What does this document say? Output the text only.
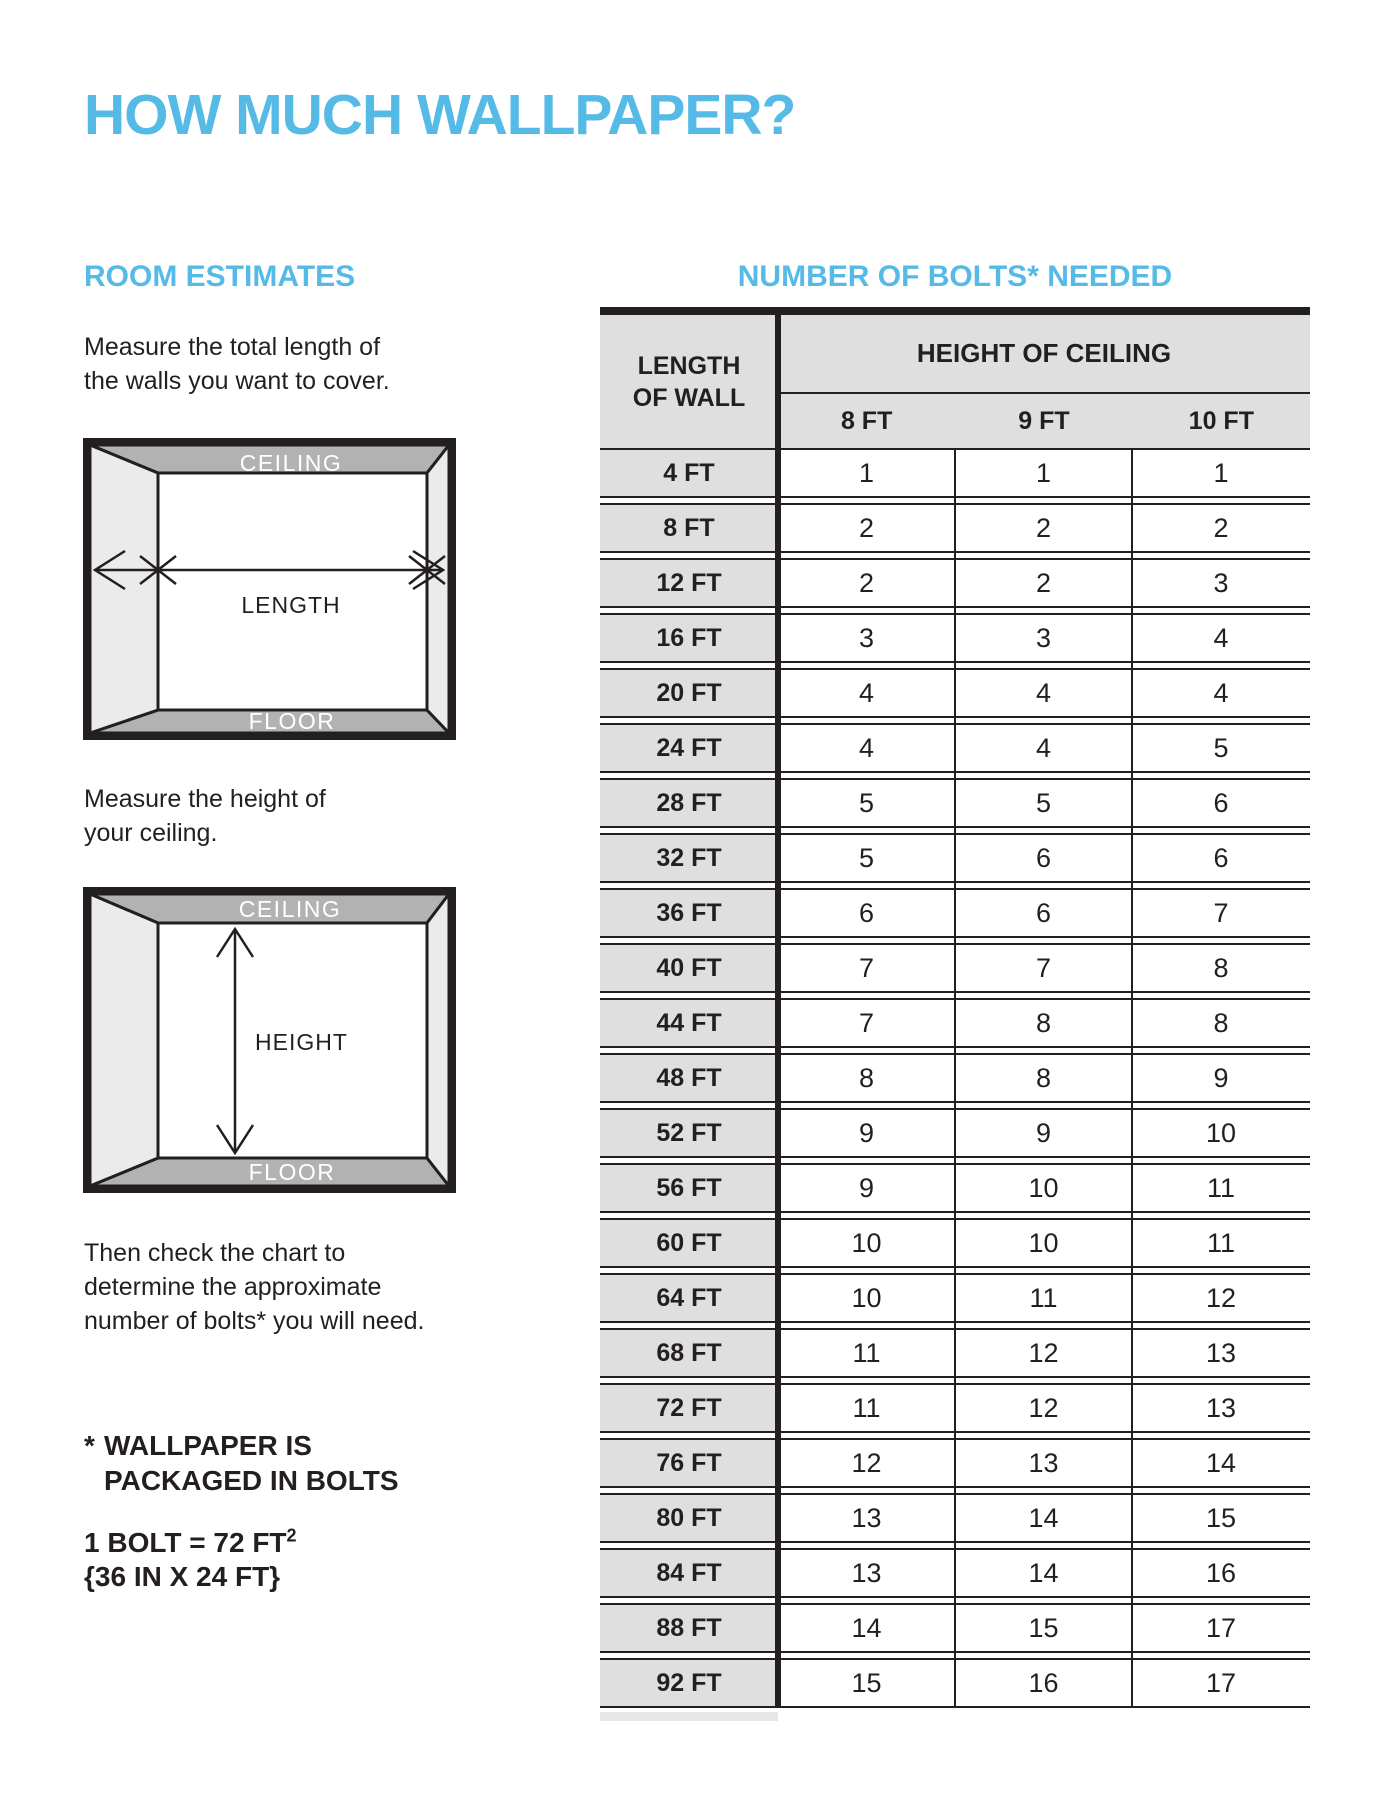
HOW MUCH WALLPAPER?
ROOM ESTIMATES
Measure the total length of
the walls you want to cover.
CEILING
LENGTH
FLOOR
Measure the height of
your ceiling.
CEILING
HEIGHT
FLOOR
Then check the chart to
determine the approximate
number of bolts* you will need.
* WALLPAPER IS
PACKAGED IN BOLTS
1 BOLT = 72 $FT^2$
{36 IN X 24 FT}
NUMBER OF BOLTS* NEEDED
LENGTH
OF WALL
HEIGHT OF CEILING
8 FT	9 FT	10 FT
4 FT	1	1	1
8 FT	2	2	2
12 FT	2	2	3
16 FT	3	3	4
20 FT	4	4	4
24 FT	4	4	5
28 FT	5	5	6
32 FT	5	6	6
36 FT	6	6	7
40 FT	7	7	8
44 FT	7	8	8
48 FT	8	8	9
52 FT	9	9	10
56 FT	9	10	11
60 FT	10	10	11
64 FT	10	11	12
68 FT	11	12	13
72 FT	11	12	13
76 FT	12	13	14
80 FT	13	14	15
84 FT	13	14	16
88 FT	14	15	17
92 FT	15	16	17
